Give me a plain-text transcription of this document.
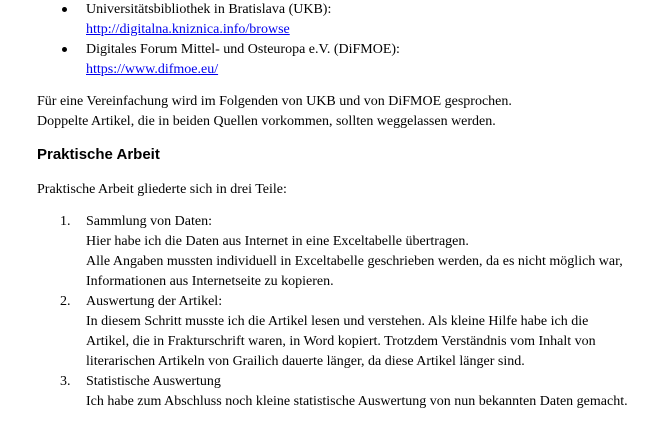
Universitätsbibliothek in Bratislava (UKB):
http://digitalna.kniznica.info/browse
Digitales Forum Mittel- und Osteuropa e.V. (DiFMOE):
https://www.difmoe.eu/
Für eine Vereinfachung wird im Folgenden von UKB und von DiFMOE gesprochen.
Doppelte Artikel, die in beiden Quellen vorkommen, sollten weggelassen werden.
Praktische Arbeit
Praktische Arbeit gliederte sich in drei Teile:
1. Sammlung von Daten:
Hier habe ich die Daten aus Internet in eine Exceltabelle übertragen.
Alle Angaben mussten individuell in Exceltabelle geschrieben werden, da es nicht möglich war, Informationen aus Internetseite zu kopieren.
2. Auswertung der Artikel:
In diesem Schritt musste ich die Artikel lesen und verstehen. Als kleine Hilfe habe ich die Artikel, die in Frakturschrift waren, in Word kopiert. Trotzdem Verständnis vom Inhalt von literarischen Artikeln von Grailich dauerte länger, da diese Artikel länger sind.
3. Statistische Auswertung
Ich habe zum Abschluss noch kleine statistische Auswertung von nun bekannten Daten gemacht.
